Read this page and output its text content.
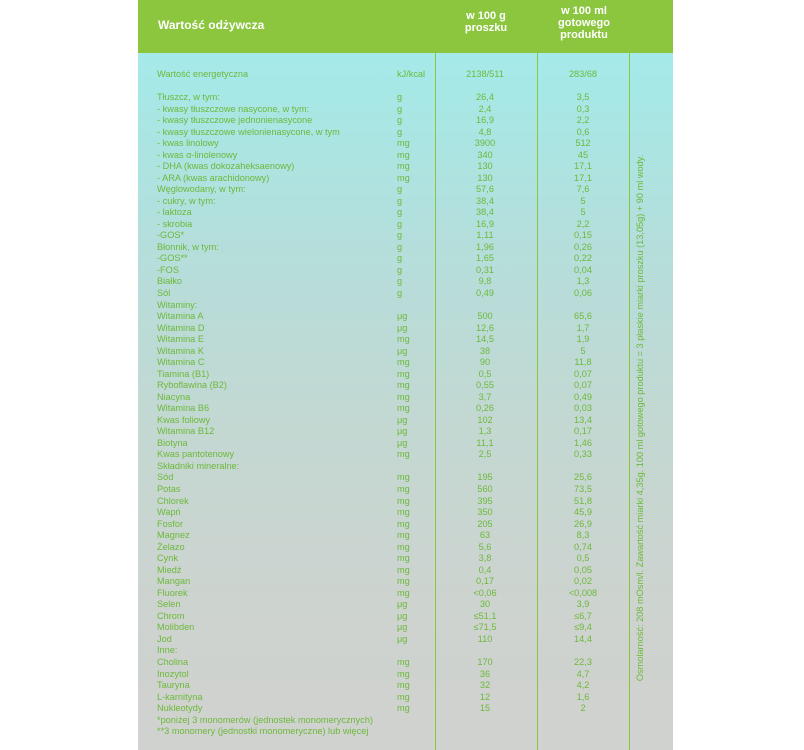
Wartość odżywcza
w 100 g
proszku
w 100 ml
gotowego
produktu
Wartość energetyczna	kJ/kcal	2138/511	283/68
Tłuszcz, w tym:	g	26,4	3,5
- kwasy tłuszczowe nasycone, w tym:	g	2,4	0,3
- kwasy tłuszczowe jednonienasycone	g	16,9	2,2
- kwasy tłuszczowe wielonienasycone, w tym	g	4,8	0,6
- kwas linolowy	mg	3900	512
- kwas α-linolenowy	mg	340	45
- DHA (kwas dokozaheksaenowy)	mg	130	17,1
- ARA (kwas arachidonowy)	mg	130	17,1
Węglowodany, w tym:	g	57,6	7,6
- cukry, w tym:	g	38,4	5
- laktoza	g	38,4	5
- skrobia	g	16,9	2,2
-GOS*	g	1,11	0,15
Błonnik, w tym:	g	1,96	0,26
-GOS**	g	1,65	0,22
-FOS	g	0,31	0,04
Białko	g	9,8	1,3
Sól	g	0,49	0,06
Witaminy:
Witamina A	μg	500	65,6
Witamina D	μg	12,6	1,7
Witamina E	mg	14,5	1,9
Witamina K	μg	38	5
Witamina C	mg	90	11,8
Tiamina (B1)	mg	0,5	0,07
Ryboflawina (B2)	mg	0,55	0,07
Niacyna	mg	3,7	0,49
Witamina B6	mg	0,26	0,03
Kwas foliowy	μg	102	13,4
Witamina B12	μg	1,3	0,17
Biotyna	μg	11,1	1,46
Kwas pantotenowy	mg	2,5	0,33
Składniki mineralne:
Sód	mg	195	25,6
Potas	mg	560	73,5
Chlorek	mg	395	51,8
Wapń	mg	350	45,9
Fosfor	mg	205	26,9
Magnez	mg	63	8,3
Żelazo	mg	5,6	0,74
Cynk	mg	3,8	0,5
Miedź	mg	0,4	0,05
Mangan	mg	0,17	0,02
Fluorek	mg	<0,06	<0,008
Selen	μg	30	3,9
Chrom	μg	≤51,1	≤6,7
Molibden	μg	≤71,5	≤9,4
Jod	μg	110	14,4
Inne:
Cholina	mg	170	22,3
Inozytol	mg	36	4,7
Tauryna	mg	32	4,2
L-karnityna	mg	12	1,6
Nukleotydy	mg	15	2
*poniżej 3 monomerów (jednostek monomerycznych)
**3 monomery (jednostki monomeryczne) lub więcej
Osmolarność: 208 mOsm/l. Zawartość miarki 4,35g. 100 ml gotowego produktu = 3 płaskie miarki proszku (13,05g) + 90 ml wody.
